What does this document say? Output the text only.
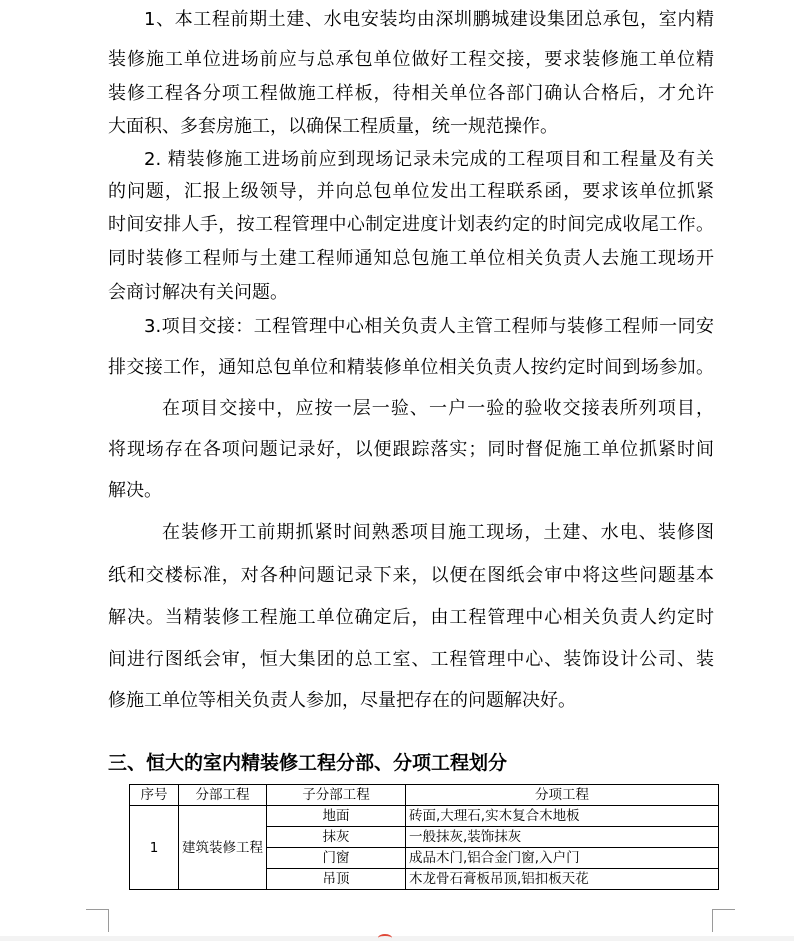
1、本工程前期土建、水电安装均由深圳鹏城建设集团总承包，室内精
装修施工单位进场前应与总承包单位做好工程交接，要求装修施工单位精
装修工程各分项工程做施工样板，待相关单位各部门确认合格后，才允许
大面积、多套房施工，以确保工程质量，统一规范操作。
2. 精装修施工进场前应到现场记录未完成的工程项目和工程量及有关
的问题，汇报上级领导，并向总包单位发出工程联系函，要求该单位抓紧
时间安排人手，按工程管理中心制定进度计划表约定的时间完成收尾工作。
同时装修工程师与土建工程师通知总包施工单位相关负责人去施工现场开
会商讨解决有关问题。
3.项目交接：工程管理中心相关负责人主管工程师与装修工程师一同安
排交接工作，通知总包单位和精装修单位相关负责人按约定时间到场参加。
在项目交接中，应按一层一验、一户一验的验收交接表所列项目，
将现场存在各项问题记录好，以便跟踪落实；同时督促施工单位抓紧时间
解决。
在装修开工前期抓紧时间熟悉项目施工现场，土建、水电、装修图
纸和交楼标准，对各种问题记录下来，以便在图纸会审中将这些问题基本
解决。当精装修工程施工单位确定后，由工程管理中心相关负责人约定时
间进行图纸会审，恒大集团的总工室、工程管理中心、装饰设计公司、装
修施工单位等相关负责人参加，尽量把存在的问题解决好。
三、恒大的室内精装修工程分部、分项工程划分
序号	分部工程	子分部工程	分项工程
1	建筑装修工程	地面	砖面,大理石,实木复合木地板
		抹灰	一般抹灰,装饰抹灰
		门窗	成品木门,铝合金门窗,入户门
		吊顶	木龙骨石膏板吊顶,铝扣板天花
